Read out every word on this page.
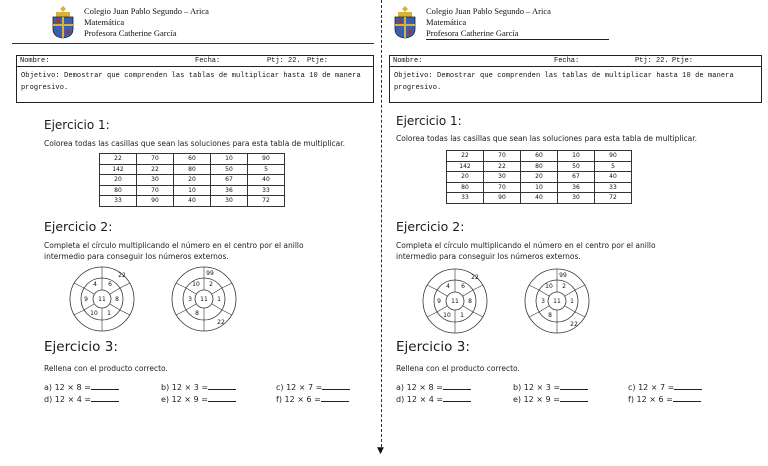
▼
Colegio Juan Pablo Segundo – Arica
Matemática
Profesora Catherine García
Nombre:	Fecha:	Ptj: 22. Ptje:
Objetivo: Demostrar que comprenden las tablas de multiplicar hasta 10 de manera progresivo.
Ejercicio 1:
Colorea todas las casillas que sean las soluciones para esta tabla de multiplicar.
22	70	60	10	90
142	22	80	50	5
20	30	20	67	40
80	70	10	36	33
33	90	40	30	72
Ejercicio 2:
Completa el círculo multiplicando el número en el centro por el anillo intermedio para conseguir los números externos.
11
22
4
9
10 1
8
6
11
99
10
3	1
8
22
2
Ejercicio 3:
Rellena con el producto correcto.
a) 12 × 8 =	b) 12 × 3 =	c) 12 × 7 =
d) 12 × 4 =	e) 12 × 9 =	f) 12 × 6 =
Colegio Juan Pablo Segundo – Arica
Matemática
Profesora Catherine García
Nombre:	Fecha:	Ptj: 22. Ptje:
Objetivo: Demostrar que comprenden las tablas de multiplicar hasta 10 de manera progresivo.
Ejercicio 1:
Colorea todas las casillas que sean las soluciones para esta tabla de multiplicar.
22	70	60	10	90
142	22	80	50	5
20	30	20	67	40
80	70	10	36	33
33	90	40	30	72
Ejercicio 2:
Completa el círculo multiplicando el número en el centro por el anillo intermedio para conseguir los números externos.
11
22
4
9
10 1
8
6
11
99
10
3	1
8
22
2
Ejercicio 3:
Rellena con el producto correcto.
a) 12 × 8 =	b) 12 × 3 =	c) 12 × 7 =
d) 12 × 4 =	e) 12 × 9 =	f) 12 × 6 =
